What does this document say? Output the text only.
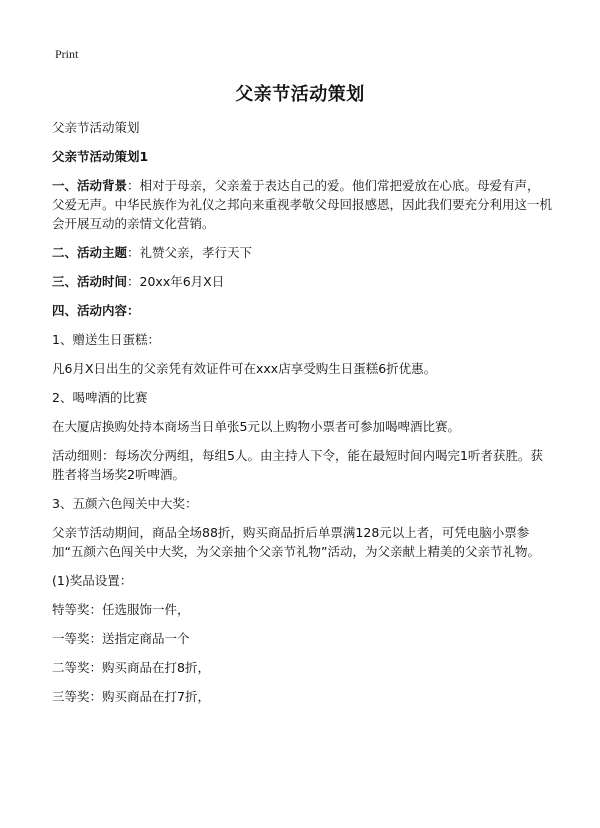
Print
父亲节活动策划

父亲节活动策划

父亲节活动策划1

一、活动背景：相对于母亲，父亲羞于表达自己的爱。他们常把爱放在心底。母爱有声，父爱无声。中华民族作为礼仪之邦向来重视孝敬父母回报感恩，因此我们要充分利用这一机会开展互动的亲情文化营销。

二、活动主题：礼赞父亲，孝行天下

三、活动时间：20xx年6月X日

四、活动内容：

1、赠送生日蛋糕：

凡6月X日出生的父亲凭有效证件可在xxx店享受购生日蛋糕6折优惠。

2、喝啤酒的比赛

在大厦店换购处持本商场当日单张5元以上购物小票者可参加喝啤酒比赛。

活动细则：每场次分两组，每组5人。由主持人下令，能在最短时间内喝完1听者获胜。获胜者将当场奖2听啤酒。

3、五颜六色闯关中大奖：

父亲节活动期间，商品全场88折，购买商品折后单票满128元以上者，可凭电脑小票参加“五颜六色闯关中大奖，为父亲抽个父亲节礼物”活动，为父亲献上精美的父亲节礼物。

(1)奖品设置：

特等奖：任选服饰一件，

一等奖：送指定商品一个

二等奖：购买商品在打8折，

三等奖：购买商品在打7折，
